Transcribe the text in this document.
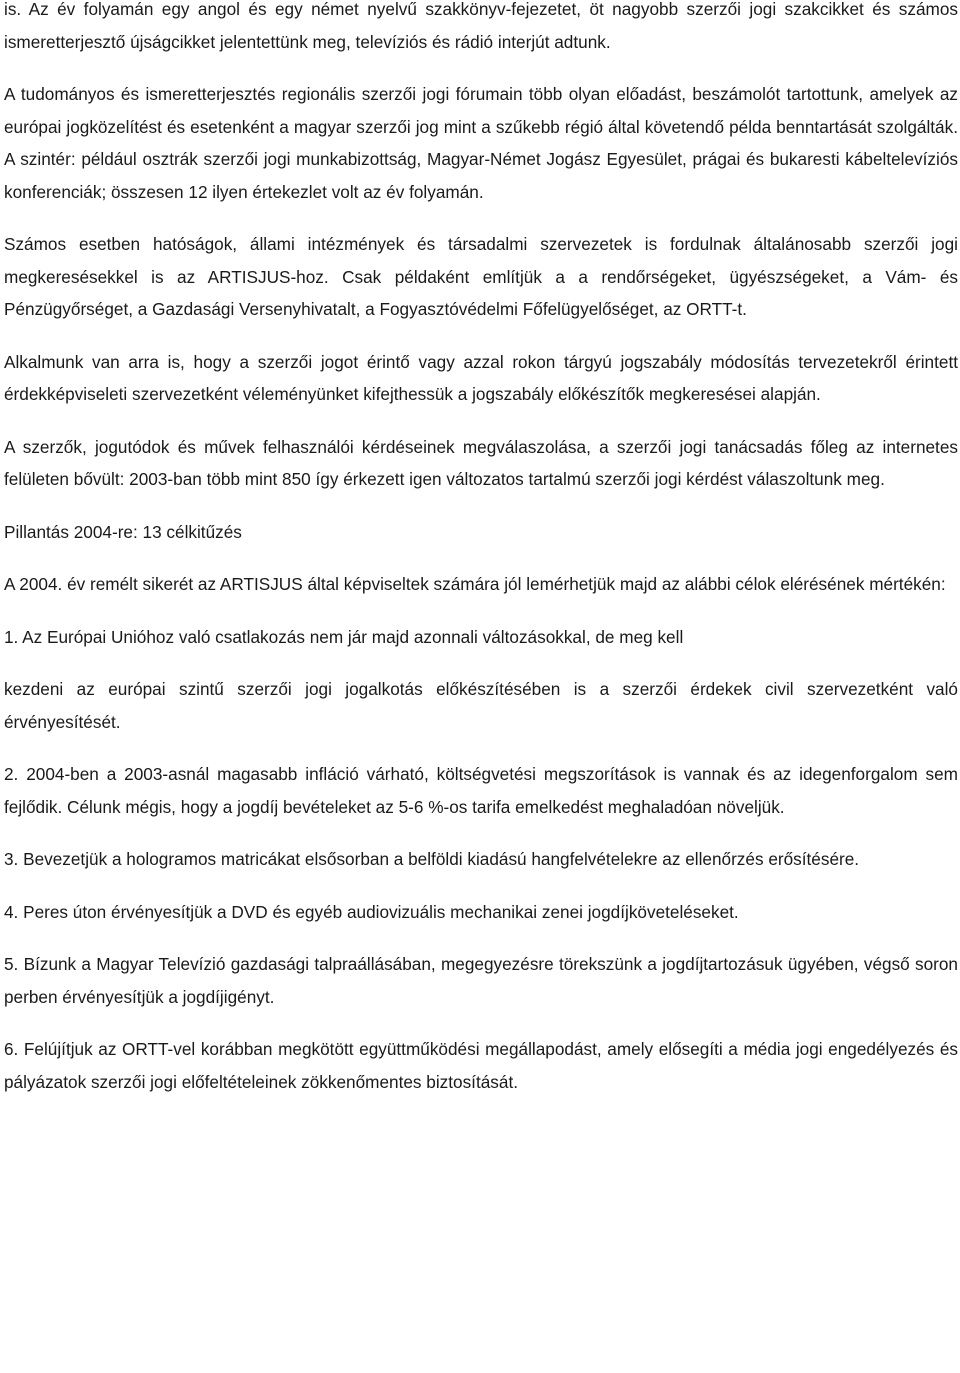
is. Az év folyamán egy angol és egy német nyelvű szakkönyv-fejezetet, öt nagyobb szerzői jogi szakcikket és számos ismeretterjesztő újságcikket jelentettünk meg, televíziós és rádió interjút adtunk.

A tudományos és ismeretterjesztés regionális szerzői jogi fórumain több olyan előadást, beszámolót tartottunk, amelyek az európai jogközelítést és esetenként a magyar szerzői jog mint a szűkebb régió által követendő példa benntartását szolgálták. A szintér: például osztrák szerzői jogi munkabizottság, Magyar-Német Jogász Egyesület, prágai és bukaresti kábeltelevíziós konferenciák; összesen 12 ilyen értekezlet volt az év folyamán.

Számos esetben hatóságok, állami intézmények és társadalmi szervezetek is fordulnak általánosabb szerzői jogi megkeresésekkel is az ARTISJUS-hoz. Csak példaként említjük a a rendőrségeket, ügyészségeket, a Vám- és Pénzügyőrséget, a Gazdasági Versenyhivatalt, a Fogyasztóvédelmi Főfelügyelőséget, az ORTT-t.

Alkalmunk van arra is, hogy a szerzői jogot érintő vagy azzal rokon tárgyú jogszabály módosítás tervezetekről érintett érdekképviseleti szervezetként véleményünket kifejthessük a jogszabály előkészítők megkeresései alapján.

A szerzők, jogutódok és művek felhasználói kérdéseinek megválaszolása, a szerzői jogi tanácsadás főleg az internetes felületen bővült: 2003-ban több mint 850 így érkezett igen változatos tartalmú szerzői jogi kérdést válaszoltunk meg.

Pillantás 2004-re: 13 célkitűzés

A 2004. év remélt sikerét az ARTISJUS által képviseltek számára jól lemérhetjük majd az alábbi célok elérésének mértékén:

1. Az Európai Unióhoz való csatlakozás nem jár majd azonnali változásokkal, de meg kell

kezdeni az európai szintű szerzői jogi jogalkotás előkészítésében is a szerzői érdekek civil szervezetként való érvényesítését.

2. 2004-ben a 2003-asnál magasabb infláció várható, költségvetési megszorítások is vannak és az idegenforgalom sem fejlődik. Célunk mégis, hogy a jogdíj bevételeket az 5-6 %-os tarifa emelkedést meghaladóan növeljük.

3. Bevezetjük a hologramos matricákat elsősorban a belföldi kiadású hangfelvételekre az ellenőrzés erősítésére.

4. Peres úton érvényesítjük a DVD és egyéb audiovizuális mechanikai zenei jogdíjköveteléseket.

5. Bízunk a Magyar Televízió gazdasági talpraállásában, megegyezésre törekszünk a jogdíjtartozásuk ügyében, végső soron perben érvényesítjük a jogdíjigényt.

6. Felújítjuk az ORTT-vel korábban megkötött együttműködési megállapodást, amely elősegíti a média jogi engedélyezés és pályázatok szerzői jogi előfeltételeinek zökkenőmentes biztosítását.
